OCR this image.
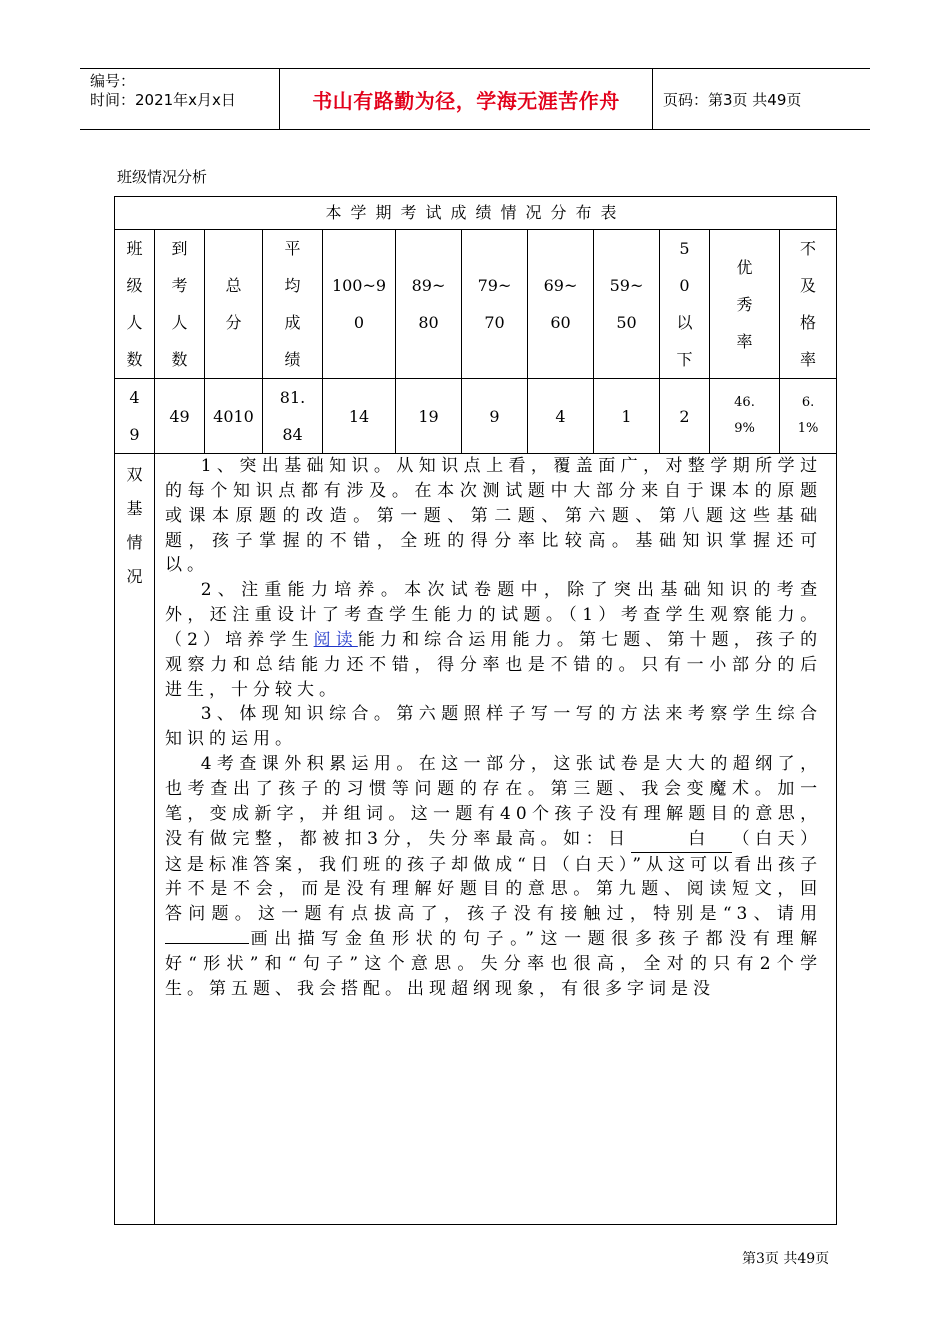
编号：
时间：2021年x月x日	书山有路勤为径，学海无涯苦作舟	页码：第3页 共49页
班级情况分析
本学期考试成绩情况分布表											
班级人数	到考人数	总分	平均成绩	100~90	89~80	79~70	69~60	59~50	50以下	优秀率	不及格率
49	49	4010	81.84	14	19	9	4	1	2	46.9%	6.1%

双基情况	1、突出基础知识。从知识点上看，覆盖面广，对整学期所学过的每个知识点都有涉及。在本次测试题中大部分来自于课本的原题或课本原题的改造。第一题、第二题、第六题、第八题这些基础题，孩子掌握的不错，全班的得分率比较高。基础知识掌握还可以。
2、注重能力培养。本次试卷题中，除了突出基础知识的考查外，还注重设计了考查学生能力的试题。（1）考查学生观察能力。（2）培养学生阅读能力和综合运用能力。第七题、第十题，孩子的观察力和总结能力还不错，得分率也是不错的。只有一小部分的后进生，十分较大。
3、体现知识综合。第六题照样子写一写的方法来考察学生综合知识的运用。
4考查课外积累运用。在这一部分，这张试卷是大大的超纲了，也考查出了孩子的习惯等问题的存在。第三题、我会变魔术。加一笔，变成新字，并组词。这一题有40个孩子没有理解题目的意思，没有做完整，都被扣3分，失分率最高。如：日 白 （白天）这是标准答案，我们班的孩子却做成“日（白天）”从这可以看出孩子并不是不会，而是没有理解好题目的意思。第九题、阅读短文，回答问题。这一题有点拔高了，孩子没有接触过，特别是“3、请用画出描写金鱼形状的句子。”这一题很多孩子都没有理解好“形状”和“句子”这个意思。失分率也很高，全对的只有2个学生。第五题、我会搭配。出现超纲现象，有很多字词是没										
第3页 共49页
